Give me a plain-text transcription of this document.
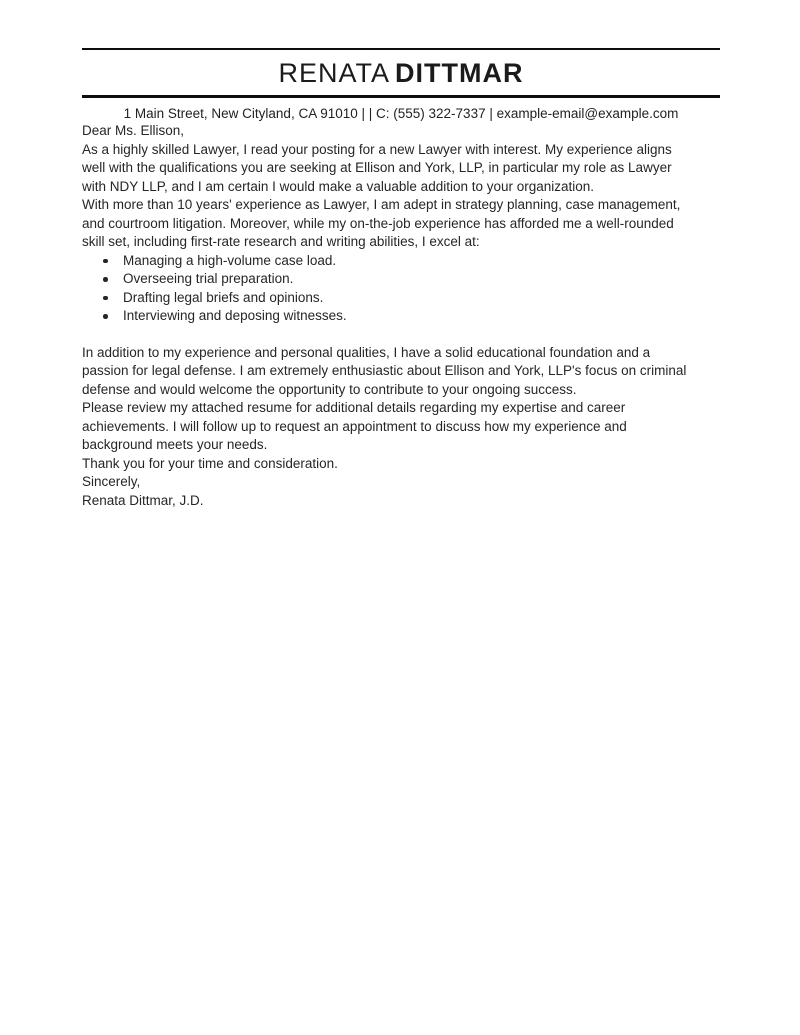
RENATA DITTMAR
1 Main Street, New Cityland, CA 91010 | | C: (555) 322-7337 | example-email@example.com

Dear Ms. Ellison,

As a highly skilled Lawyer, I read your posting for a new Lawyer with interest. My experience aligns
well with the qualifications you are seeking at Ellison and York, LLP, in particular my role as Lawyer
with NDY LLP, and I am certain I would make a valuable addition to your organization.

With more than 10 years' experience as Lawyer, I am adept in strategy planning, case management,
and courtroom litigation. Moreover, while my on-the-job experience has afforded me a well-rounded
skill set, including first-rate research and writing abilities, I excel at:

Managing a high-volume case load.
Overseeing trial preparation.
Drafting legal briefs and opinions.
Interviewing and deposing witnesses.

In addition to my experience and personal qualities, I have a solid educational foundation and a
passion for legal defense. I am extremely enthusiastic about Ellison and York, LLP's focus on criminal
defense and would welcome the opportunity to contribute to your ongoing success.

Please review my attached resume for additional details regarding my expertise and career
achievements. I will follow up to request an appointment to discuss how my experience and
background meets your needs.

Thank you for your time and consideration.

Sincerely,

Renata Dittmar, J.D.
